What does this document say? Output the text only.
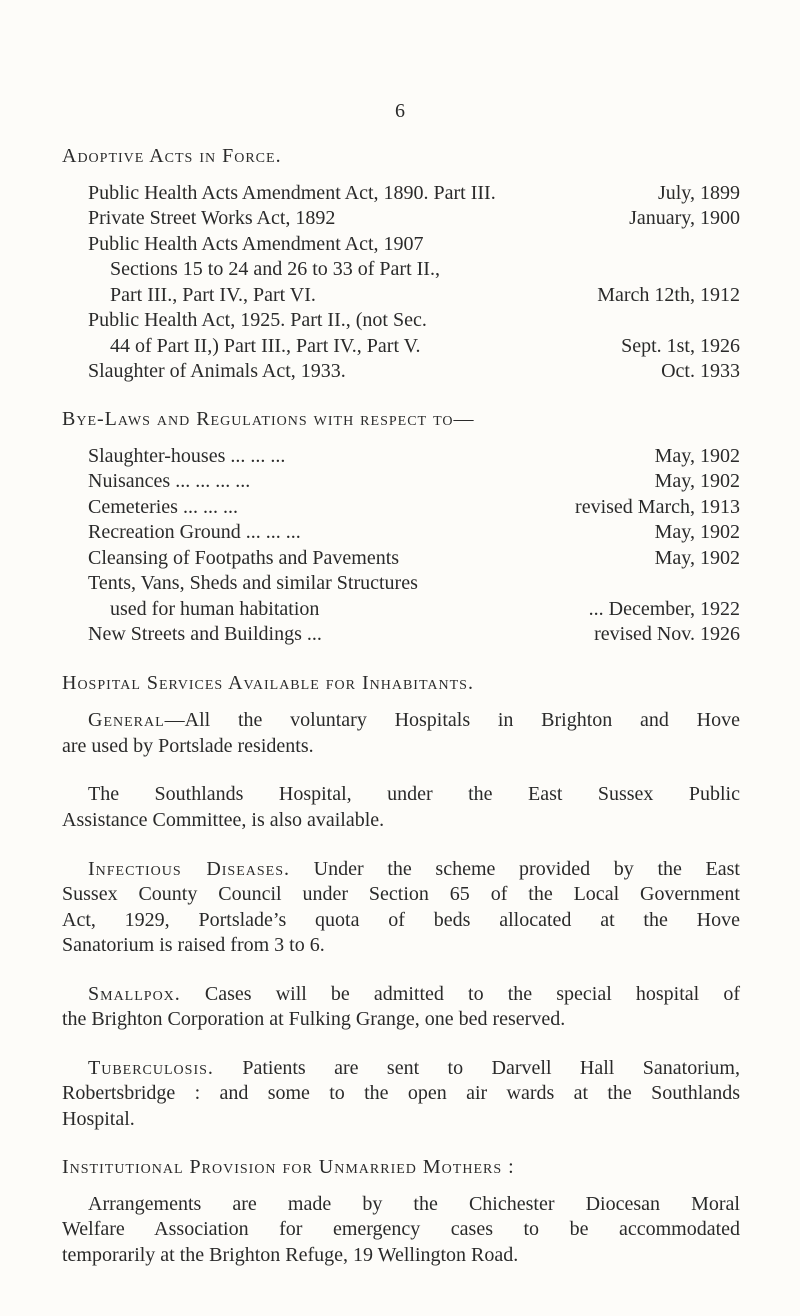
6
Adoptive Acts in Force.
Public Health Acts Amendment Act, 1890. Part III.	July, 1899
Private Street Works Act, 1892	January, 1900
Public Health Acts Amendment Act, 1907
Sections 15 to 24 and 26 to 33 of Part II.,
Part III., Part IV., Part VI.	March 12th, 1912
Public Health Act, 1925. Part II., (not Sec.
44 of Part II,) Part III., Part IV., Part V.	Sept. 1st, 1926
Slaughter of Animals Act, 1933.	Oct. 1933
Bye-Laws and Regulations with respect to—
Slaughter-houses ... ... ...	May, 1902
Nuisances ... ... ... ...	May, 1902
Cemeteries ... ... ...	revised March, 1913
Recreation Ground ... ... ...	May, 1902
Cleansing of Footpaths and Pavements	May, 1902
Tents, Vans, Sheds and similar Structures
used for human habitation	... December, 1922
New Streets and Buildings ...	revised Nov. 1926
Hospital Services Available for Inhabitants.
General—All the voluntary Hospitals in Brighton and Hove
are used by Portslade residents.
The Southlands Hospital, under the East Sussex Public
Assistance Committee, is also available.
Infectious Diseases. Under the scheme provided by the East
Sussex County Council under Section 65 of the Local Government
Act, 1929, Portslade’s quota of beds allocated at the Hove
Sanatorium is raised from 3 to 6.
Smallpox. Cases will be admitted to the special hospital of
the Brighton Corporation at Fulking Grange, one bed reserved.
Tuberculosis. Patients are sent to Darvell Hall Sanatorium,
Robertsbridge : and some to the open air wards at the Southlands
Hospital.
Institutional Provision for Unmarried Mothers :
Arrangements are made by the Chichester Diocesan Moral
Welfare Association for emergency cases to be accommodated
temporarily at the Brighton Refuge, 19 Wellington Road.
